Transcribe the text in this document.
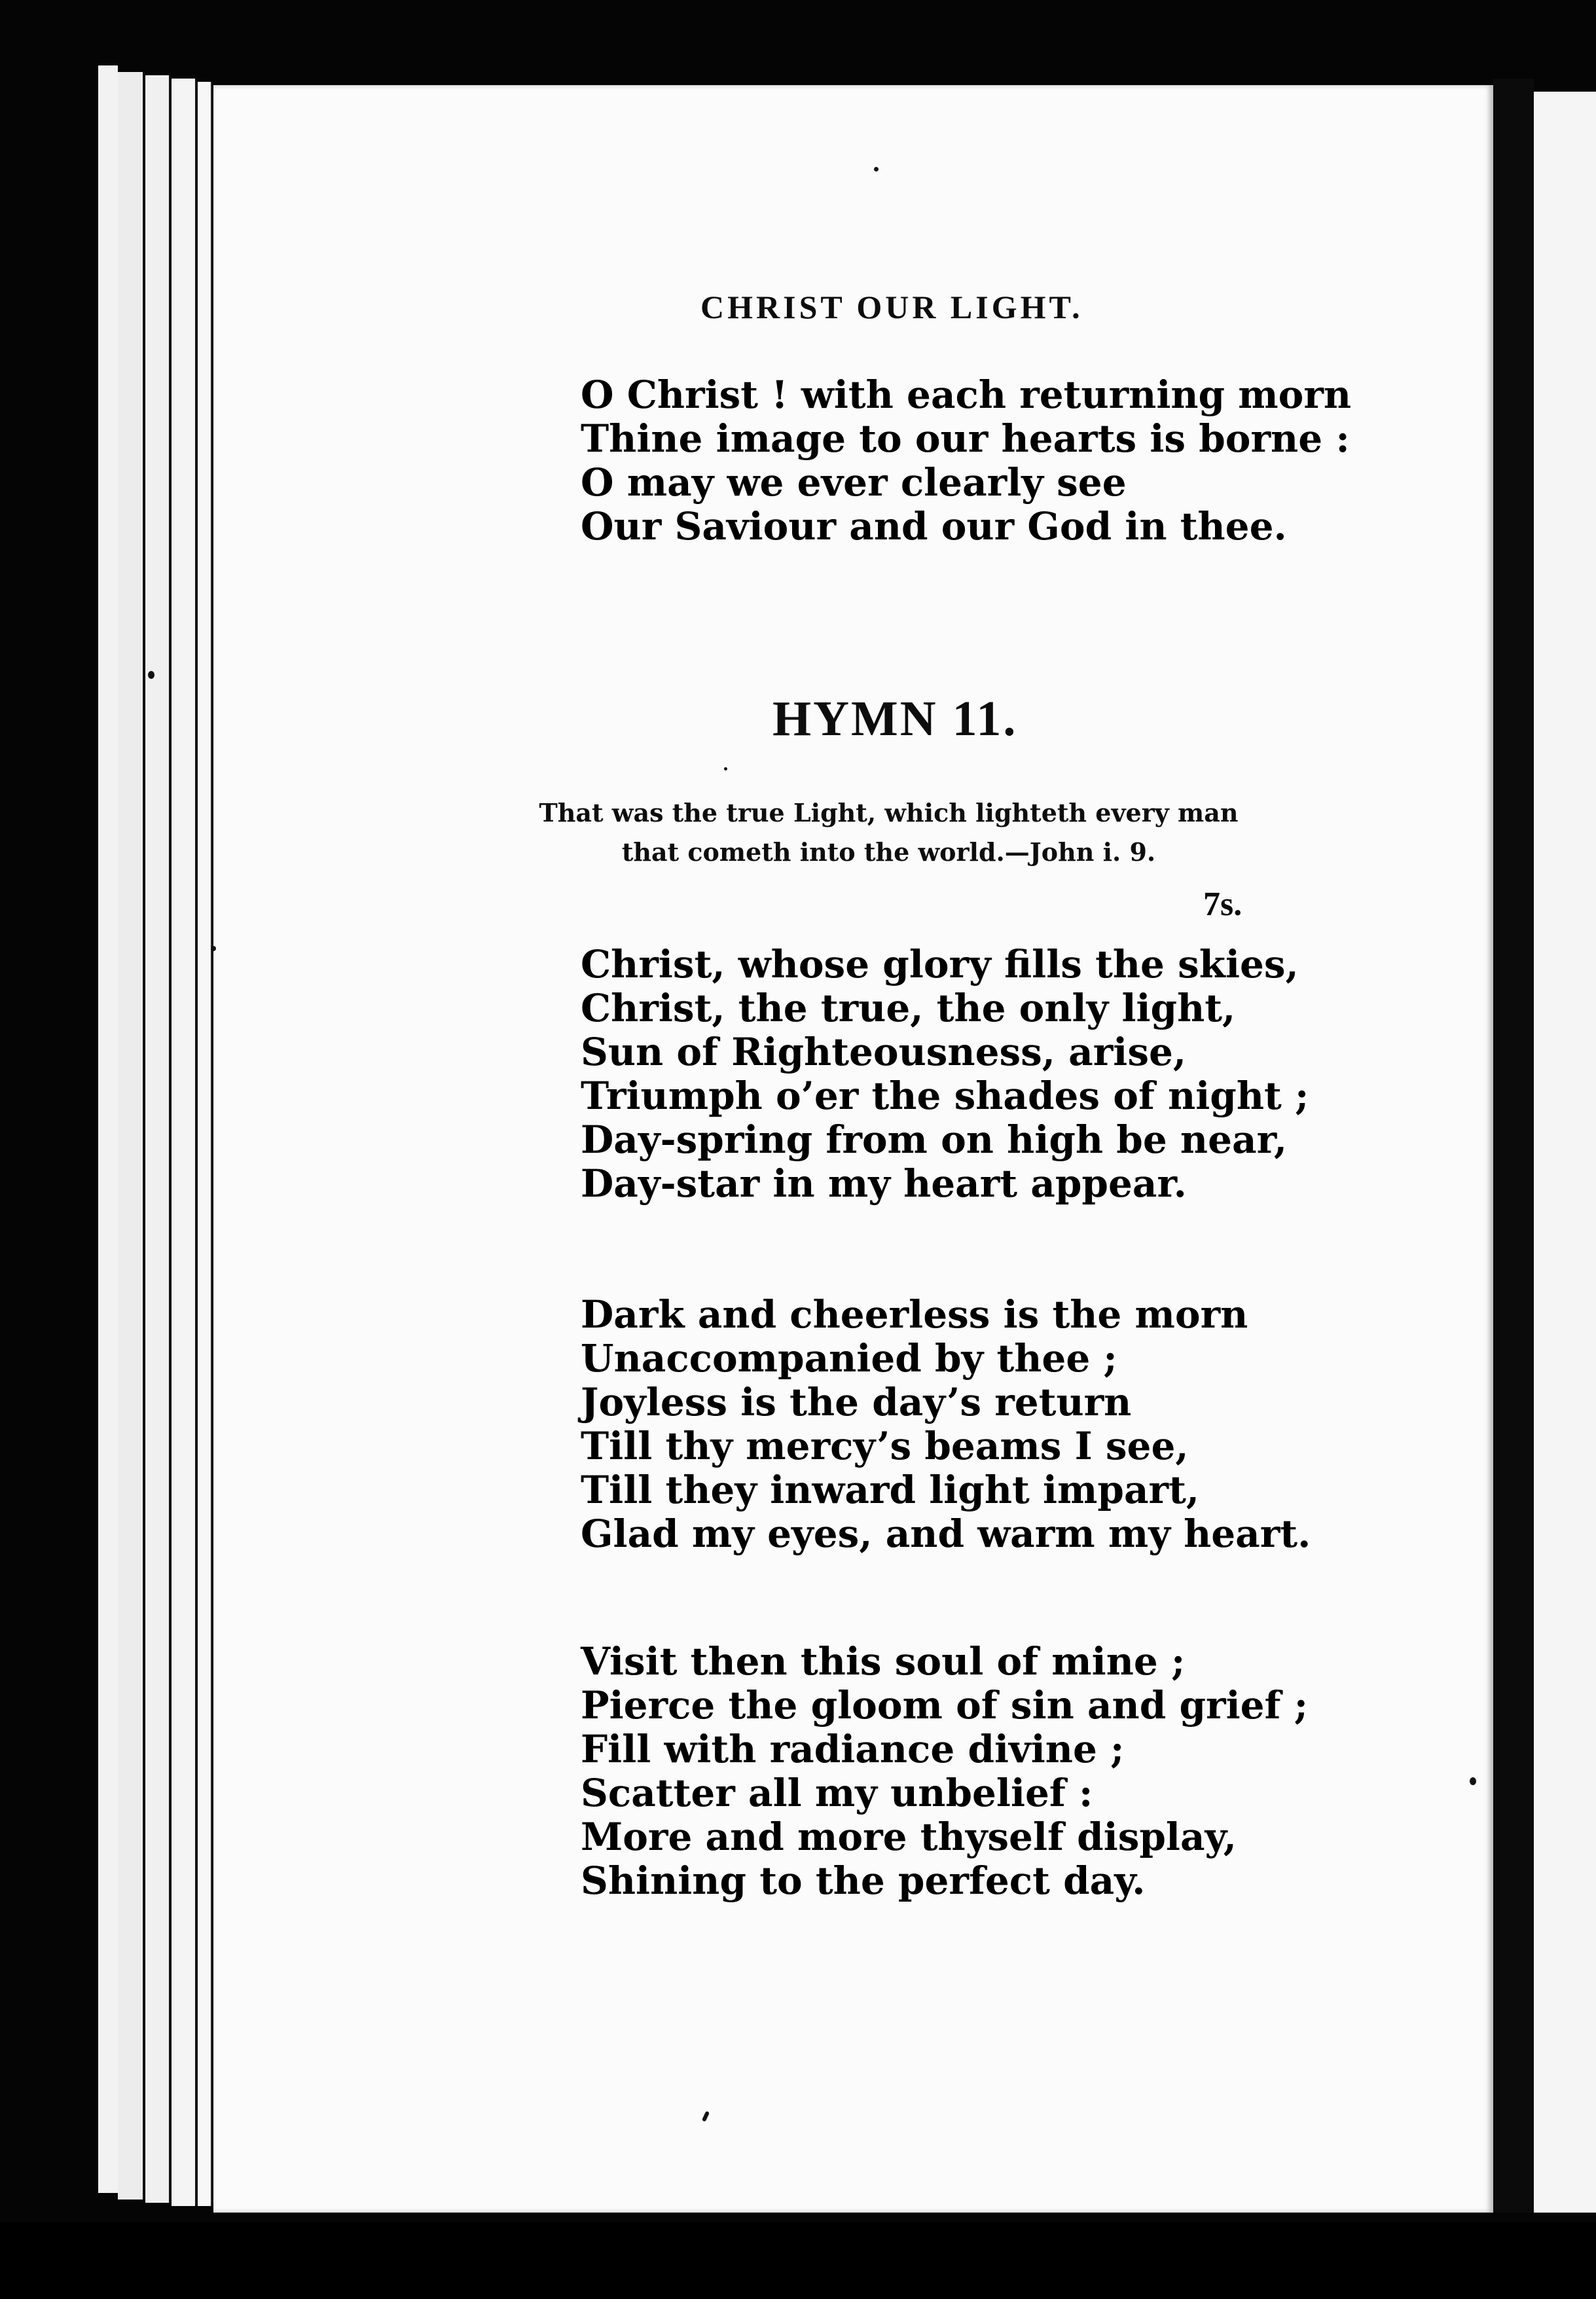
CHRIST OUR LIGHT.
O Christ ! with each returning morn
Thine image to our hearts is borne :
O may we ever clearly see
Our Saviour and our God in thee.
HYMN 11.
That was the true Light, which lighteth every man that cometh into the world.—John i. 9.
7s.
Christ, whose glory fills the skies,
Christ, the true, the only light,
Sun of Righteousness, arise,
Triumph o’er the shades of night ;
Day-spring from on high be near,
Day-star in my heart appear.
Dark and cheerless is the morn
Unaccompanied by thee ;
Joyless is the day’s return
Till thy mercy’s beams I see,
Till they inward light impart,
Glad my eyes, and warm my heart.
Visit then this soul of mine ;
Pierce the gloom of sin and grief ;
Fill with radiance divine ;
Scatter all my unbelief :
More and more thyself display,
Shining to the perfect day.
